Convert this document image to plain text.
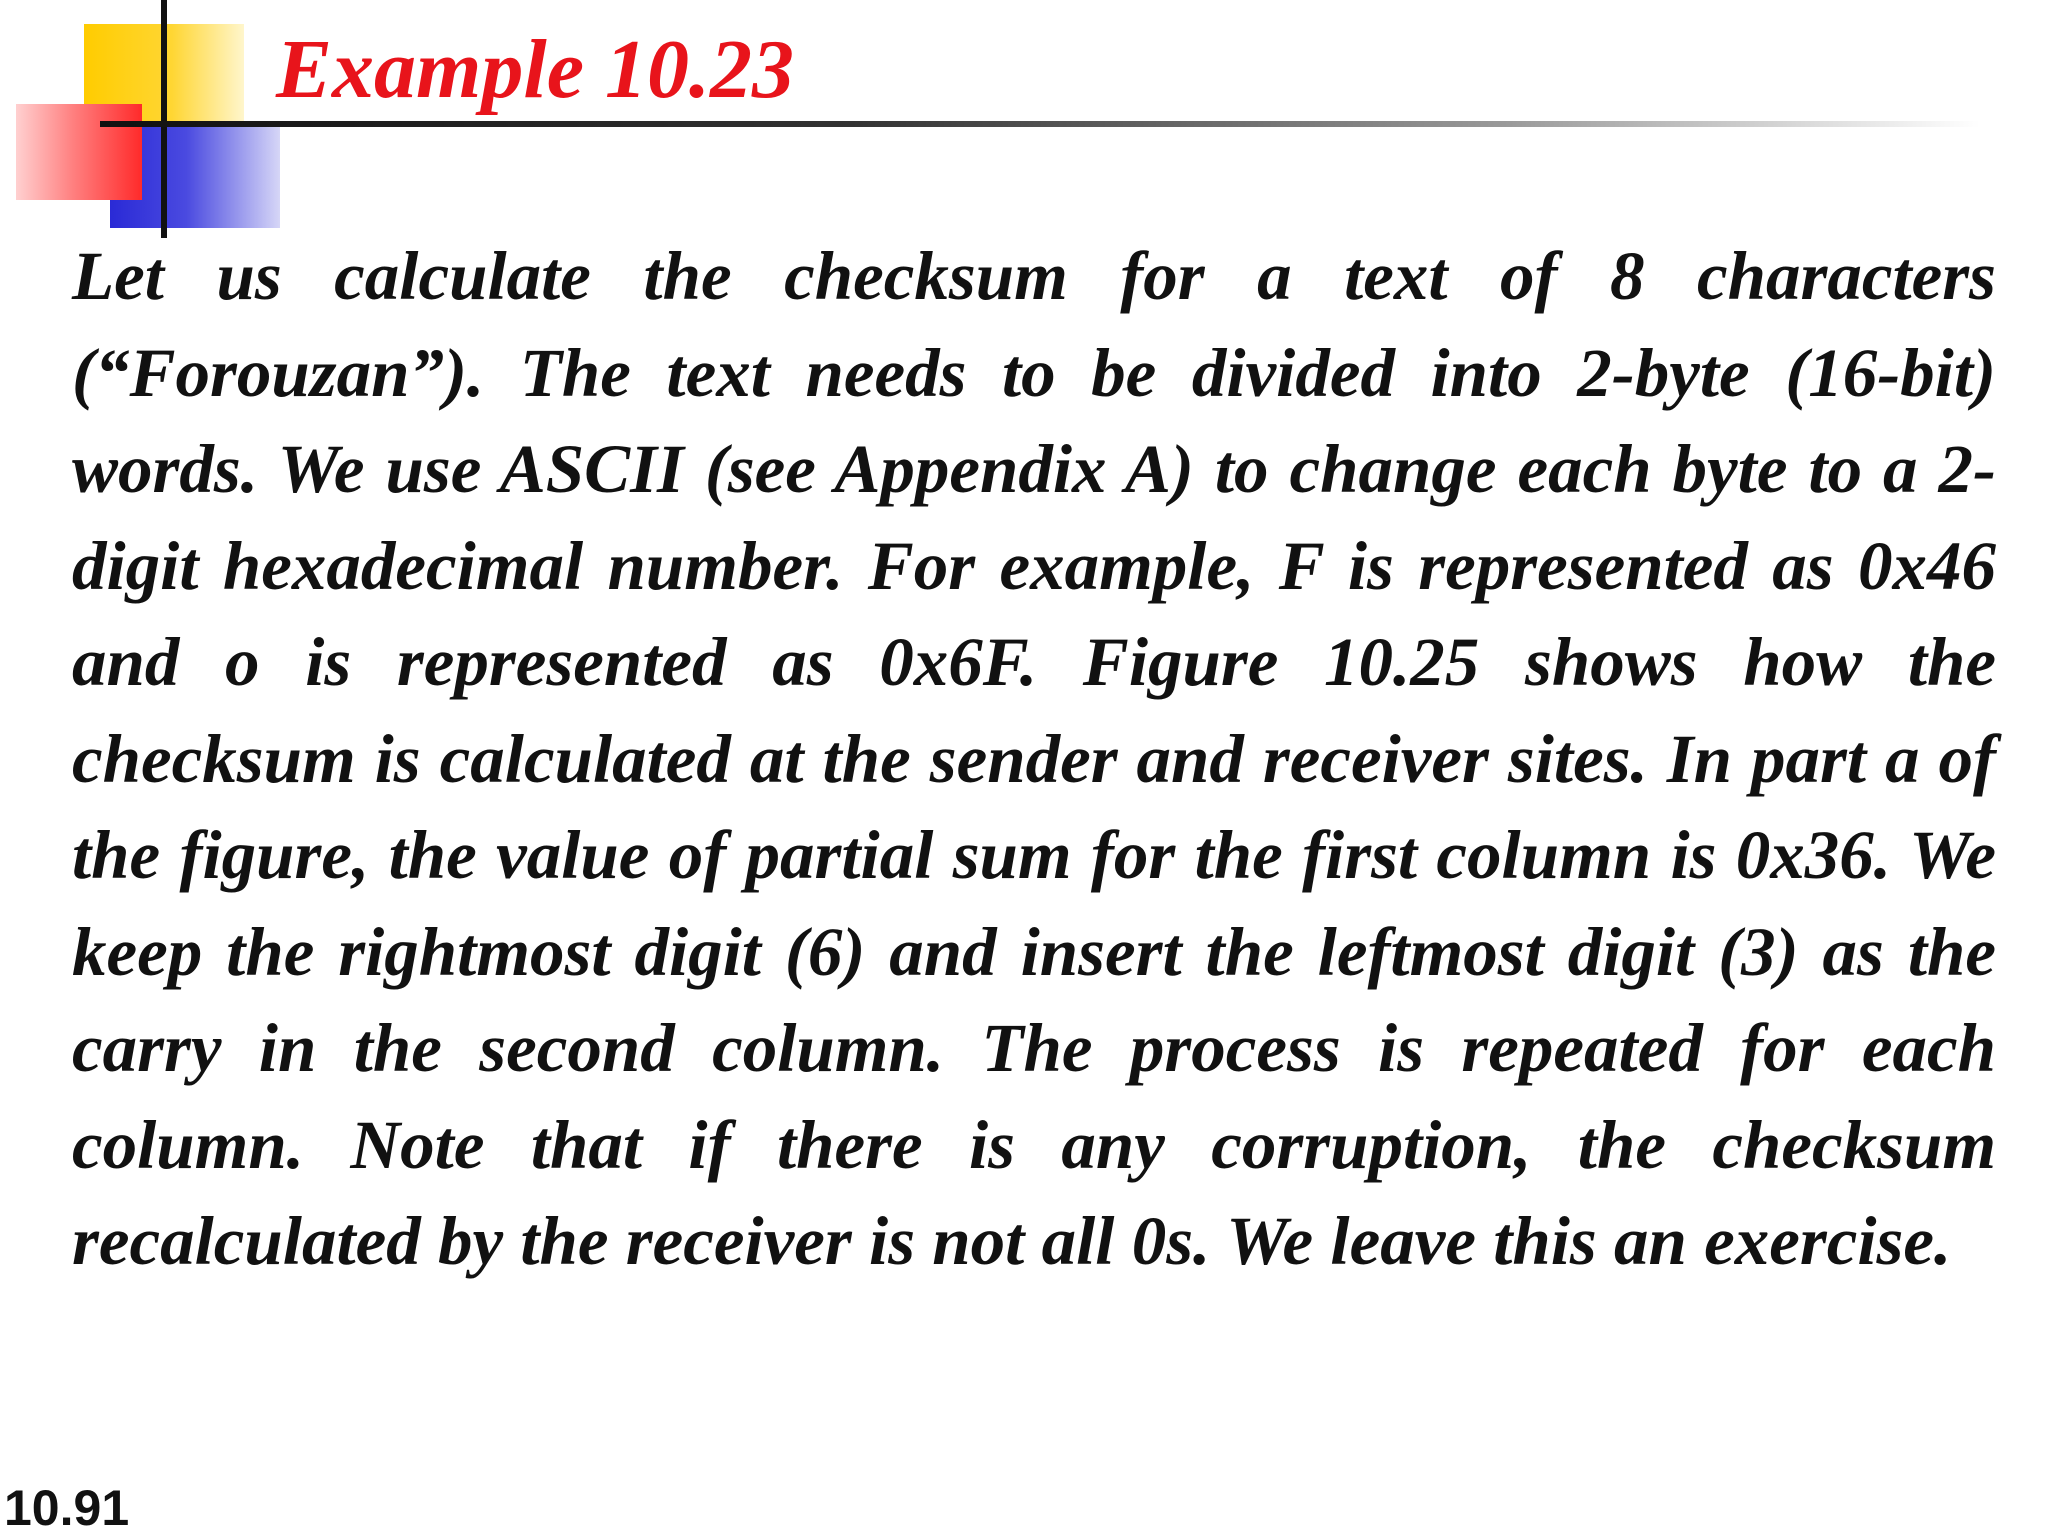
Example 10.23

Let us calculate the checksum for a text of 8 characters (“Forouzan”). The text needs to be divided into 2-byte (16-bit) words. We use ASCII (see Appendix A) to change each byte to a 2-digit hexadecimal number. For example, F is represented as 0x46 and o is represented as 0x6F. Figure 10.25 shows how the checksum is calculated at the sender and receiver sites. In part a of the figure, the value of partial sum for the first column is 0x36. We keep the rightmost digit (6) and insert the leftmost digit (3) as the carry in the second column. The process is repeated for each column. Note that if there is any corruption, the checksum recalculated by the receiver is not all 0s. We leave this an exercise.

10.91
